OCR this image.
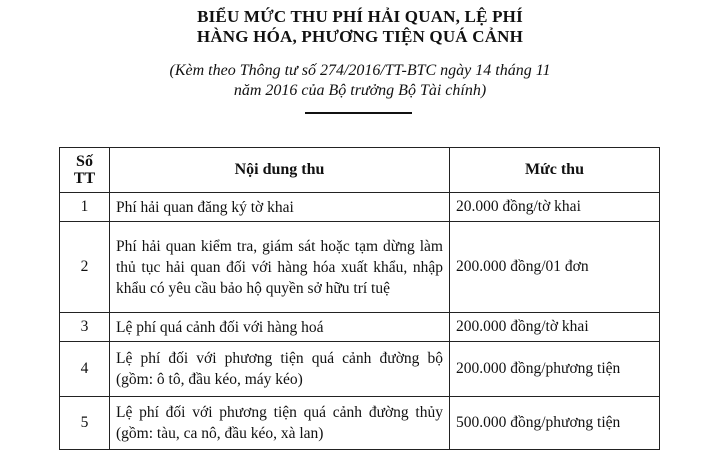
BIỂU MỨC THU PHÍ HẢI QUAN, LỆ PHÍ
HÀNG HÓA, PHƯƠNG TIỆN QUÁ CẢNH
(Kèm theo Thông tư số 274/2016/TT-BTC ngày 14 tháng 11
năm 2016 của Bộ trưởng Bộ Tài chính)
Số
TT	Nội dung thu	Mức thu
1	Phí hải quan đăng ký tờ khai	20.000 đồng/tờ khai
2	Phí hải quan kiểm tra, giám sát hoặc tạm dừng làm thủ tục hải quan đối với hàng hóa xuất khẩu, nhập khẩu có yêu cầu bảo hộ quyền sở hữu trí tuệ	200.000 đồng/01 đơn
3	Lệ phí quá cảnh đối với hàng hoá	200.000 đồng/tờ khai
4	Lệ phí đối với phương tiện quá cảnh đường bộ (gồm: ô tô, đầu kéo, máy kéo)	200.000 đồng/phương tiện
5	Lệ phí đối với phương tiện quá cảnh đường thủy (gồm: tàu, ca nô, đầu kéo, xà lan)	500.000 đồng/phương tiện
